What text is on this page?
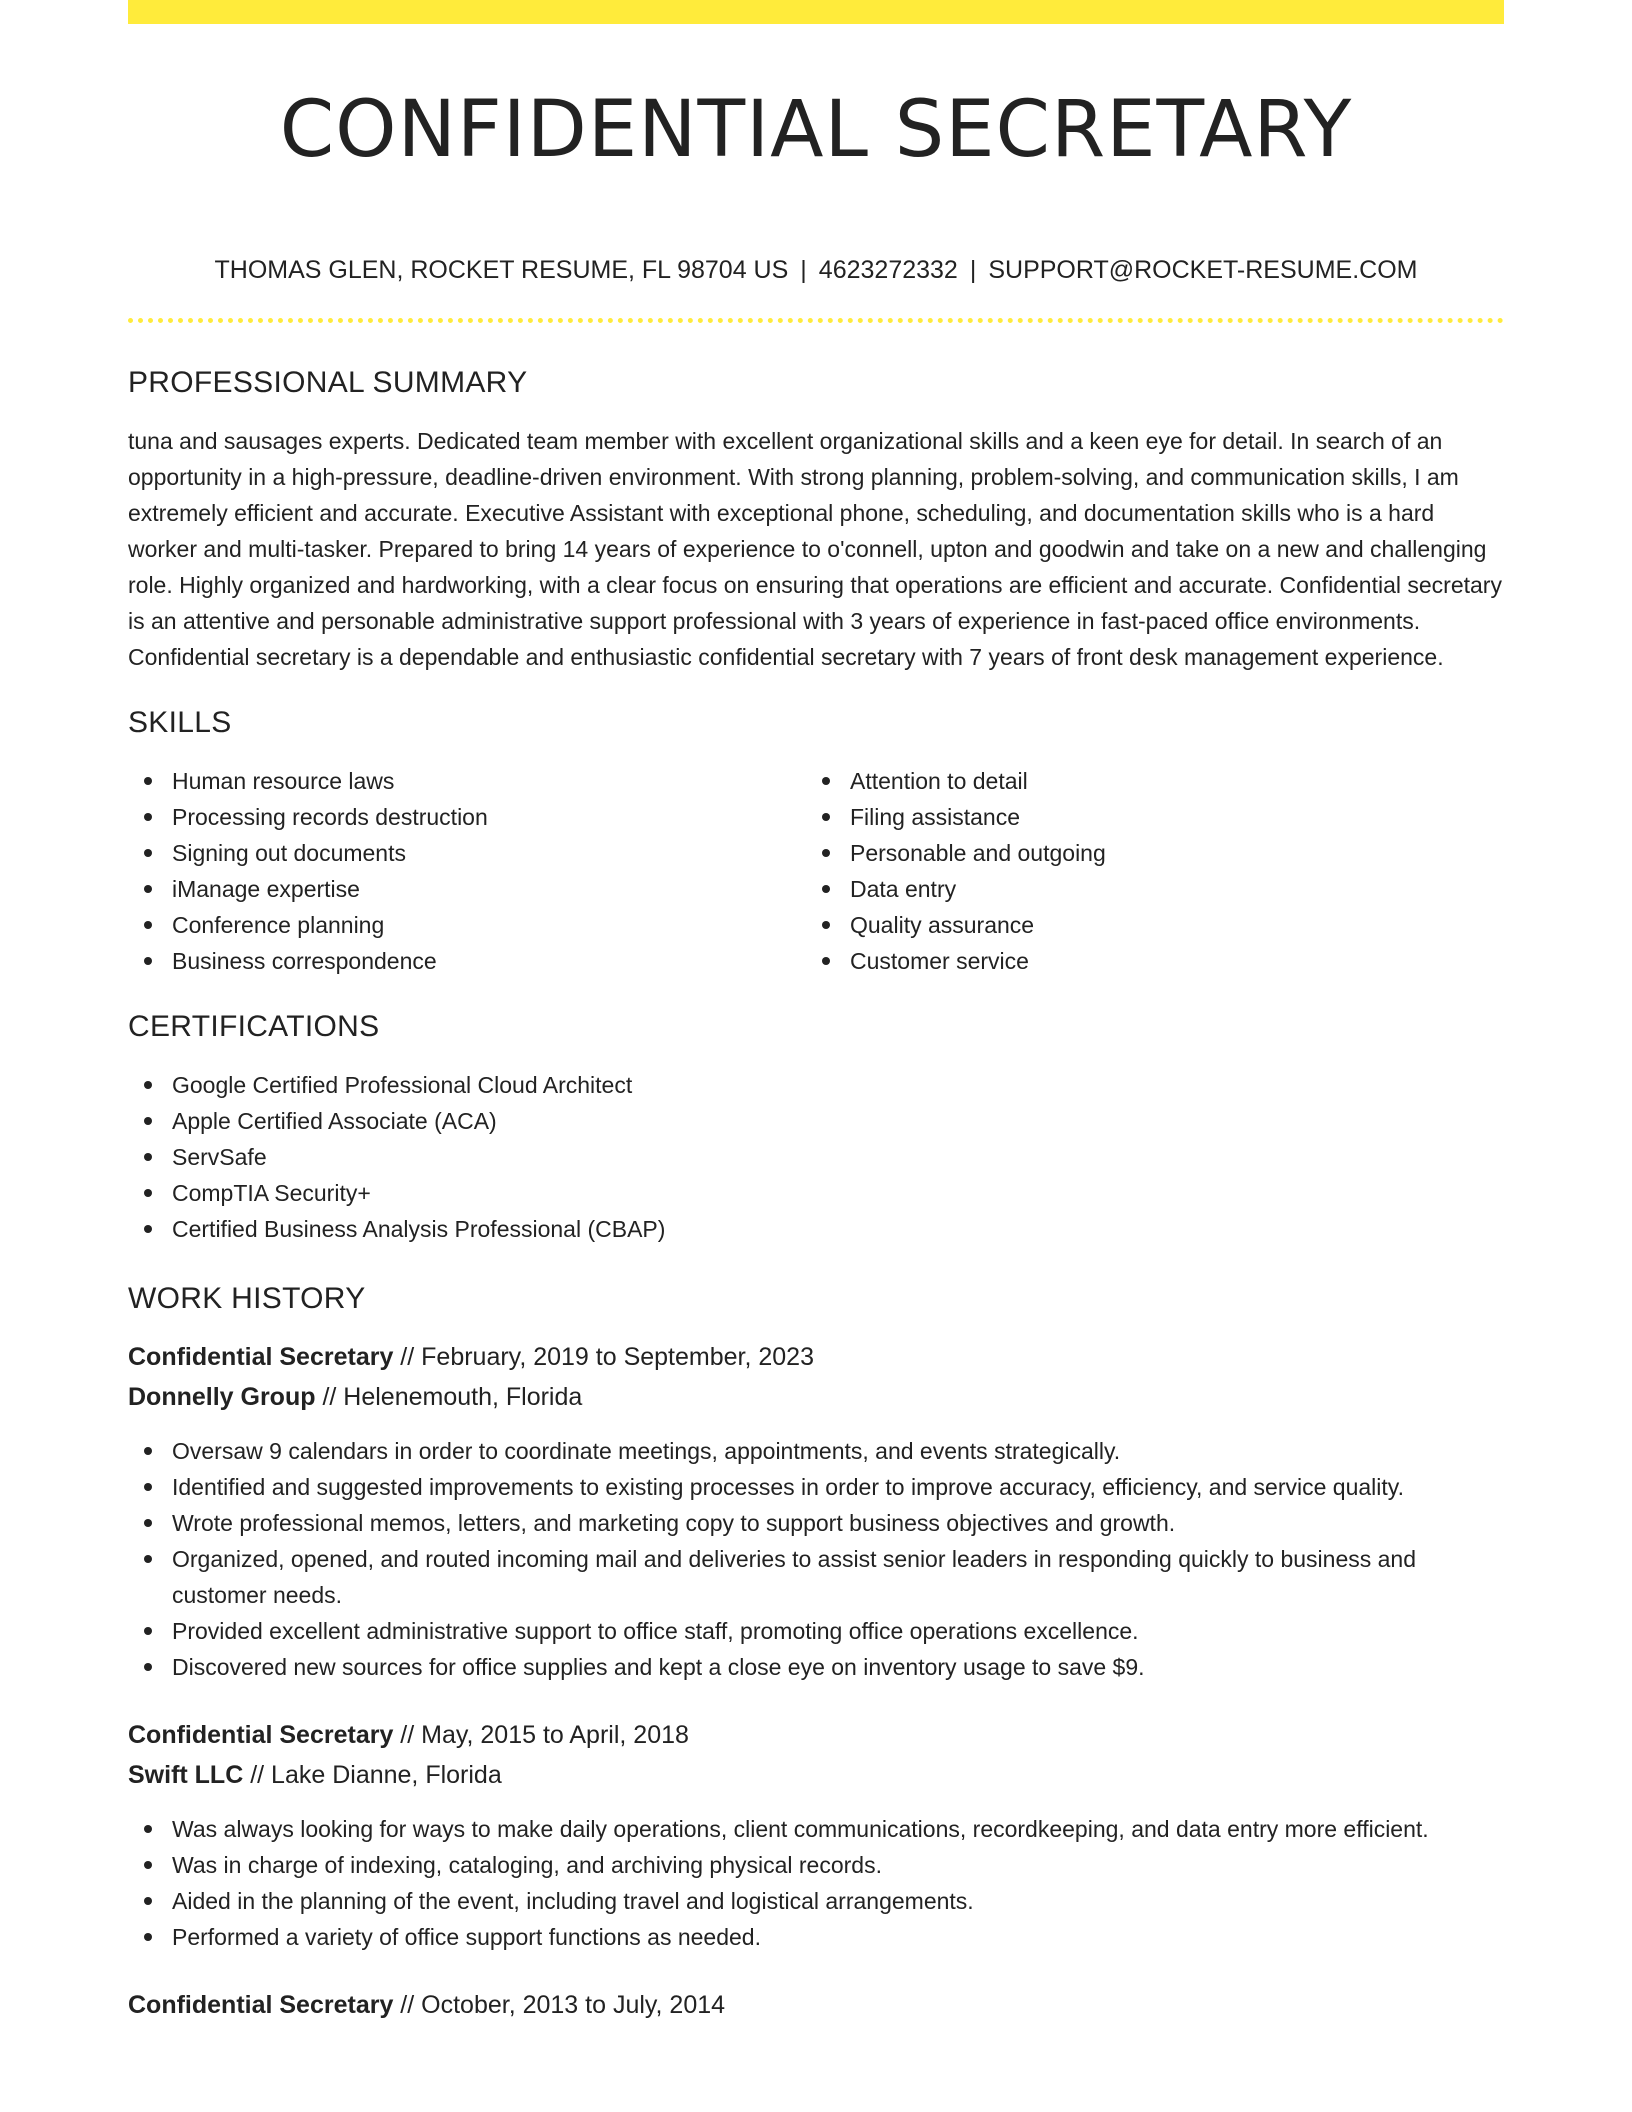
CONFIDENTIAL SECRETARY
THOMAS GLEN, ROCKET RESUME, FL 98704 US | 4623272332 | SUPPORT@ROCKET-RESUME.COM
PROFESSIONAL SUMMARY

tuna and sausages experts. Dedicated team member with excellent organizational skills and a keen eye for detail. In search of an opportunity in a high-pressure, deadline-driven environment. With strong planning, problem-solving, and communication skills, I am extremely efficient and accurate. Executive Assistant with exceptional phone, scheduling, and documentation skills who is a hard worker and multi-tasker. Prepared to bring 14 years of experience to o'connell, upton and goodwin and take on a new and challenging role. Highly organized and hardworking, with a clear focus on ensuring that operations are efficient and accurate. Confidential secretary is an attentive and personable administrative support professional with 3 years of experience in fast-paced office environments. Confidential secretary is a dependable and enthusiastic confidential secretary with 7 years of front desk management experience.

SKILLS
Human resource laws
Processing records destruction
Signing out documents
iManage expertise
Conference planning
Business correspondence
Attention to detail
Filing assistance
Personable and outgoing
Data entry
Quality assurance
Customer service
CERTIFICATIONS
Google Certified Professional Cloud Architect
Apple Certified Associate (ACA)
ServSafe
CompTIA Security+
Certified Business Analysis Professional (CBAP)
WORK HISTORY
Confidential Secretary // February, 2019 to September, 2023
Donnelly Group // Helenemouth, Florida
Oversaw 9 calendars in order to coordinate meetings, appointments, and events strategically.
Identified and suggested improvements to existing processes in order to improve accuracy, efficiency, and service quality.
Wrote professional memos, letters, and marketing copy to support business objectives and growth.
Organized, opened, and routed incoming mail and deliveries to assist senior leaders in responding quickly to business and customer needs.
Provided excellent administrative support to office staff, promoting office operations excellence.
Discovered new sources for office supplies and kept a close eye on inventory usage to save $9.
Confidential Secretary // May, 2015 to April, 2018
Swift LLC // Lake Dianne, Florida
Was always looking for ways to make daily operations, client communications, recordkeeping, and data entry more efficient.
Was in charge of indexing, cataloging, and archiving physical records.
Aided in the planning of the event, including travel and logistical arrangements.
Performed a variety of office support functions as needed.
Confidential Secretary // October, 2013 to July, 2014
